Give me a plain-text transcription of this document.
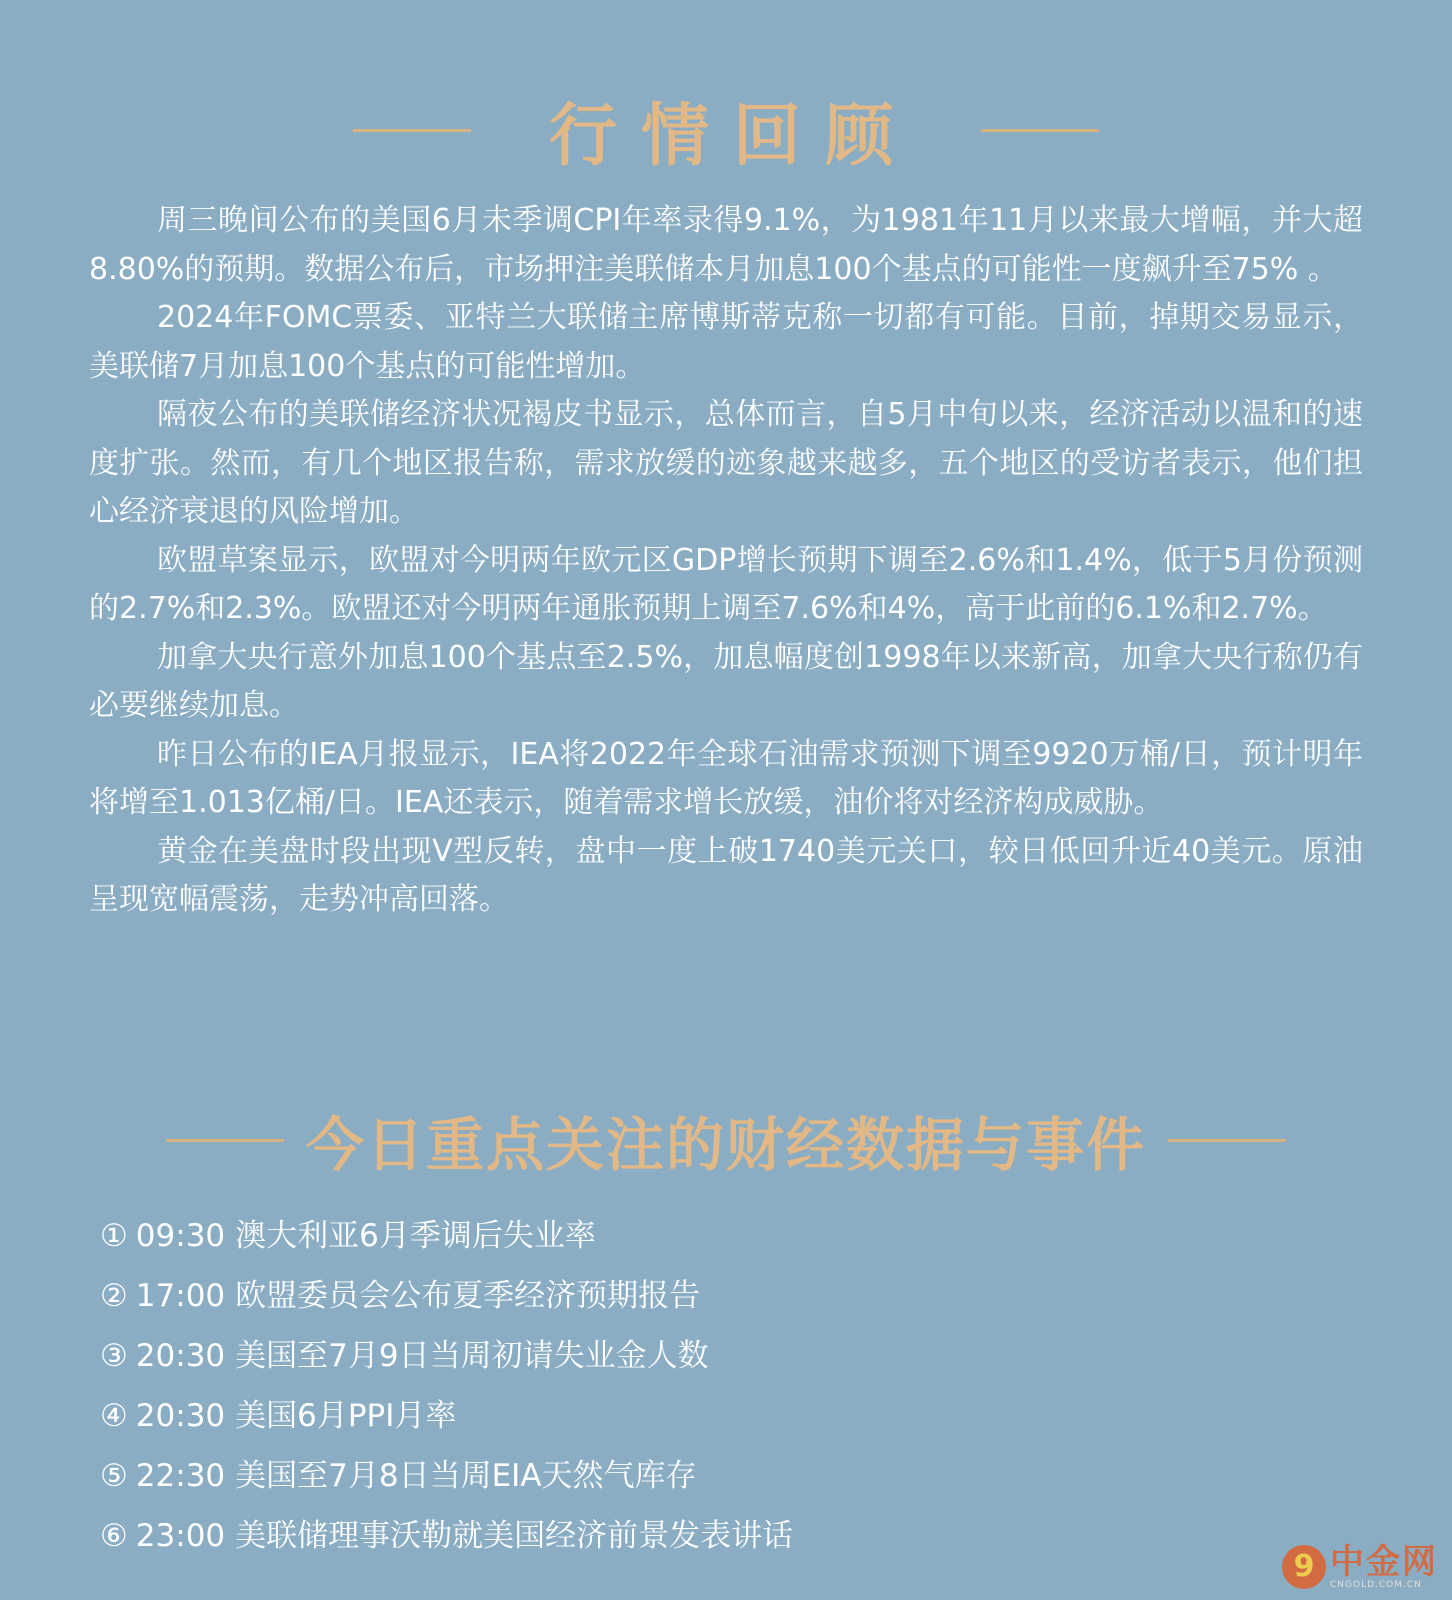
行情回顾

周三晚间公布的美国6月未季调CPI年率录得9.1%，为1981年11月以来最大增幅，并大超8.80%的预期。数据公布后，市场押注美联储本月加息100个基点的可能性一度飙升至75% 。

2024年FOMC票委、亚特兰大联储主席博斯蒂克称一切都有可能。目前，掉期交易显示，美联储7月加息100个基点的可能性增加。

隔夜公布的美联储经济状况褐皮书显示，总体而言，自5月中旬以来，经济活动以温和的速度扩张。然而，有几个地区报告称，需求放缓的迹象越来越多，五个地区的受访者表示，他们担心经济衰退的风险增加。

欧盟草案显示，欧盟对今明两年欧元区GDP增长预期下调至2.6%和1.4%，低于5月份预测的2.7%和2.3%。欧盟还对今明两年通胀预期上调至7.6%和4%，高于此前的6.1%和2.7%。

加拿大央行意外加息100个基点至2.5%，加息幅度创1998年以来新高，加拿大央行称仍有必要继续加息。

昨日公布的IEA月报显示，IEA将2022年全球石油需求预测下调至9920万桶/日，预计明年将增至1.013亿桶/日。IEA还表示，随着需求增长放缓，油价将对经济构成威胁。

黄金在美盘时段出现V型反转，盘中一度上破1740美元关口，较日低回升近40美元。原油呈现宽幅震荡，走势冲高回落。

今日重点关注的财经数据与事件
① 09:30 澳大利亚6月季调后失业率
② 17:00 欧盟委员会公布夏季经济预期报告
③ 20:30 美国至7月9日当周初请失业金人数
④ 20:30 美国6月PPI月率
⑤ 22:30 美国至7月8日当周EIA天然气库存
⑥ 23:00 美联储理事沃勒就美国经济前景发表讲话
9 中金网
CNGOLD.COM.CN
